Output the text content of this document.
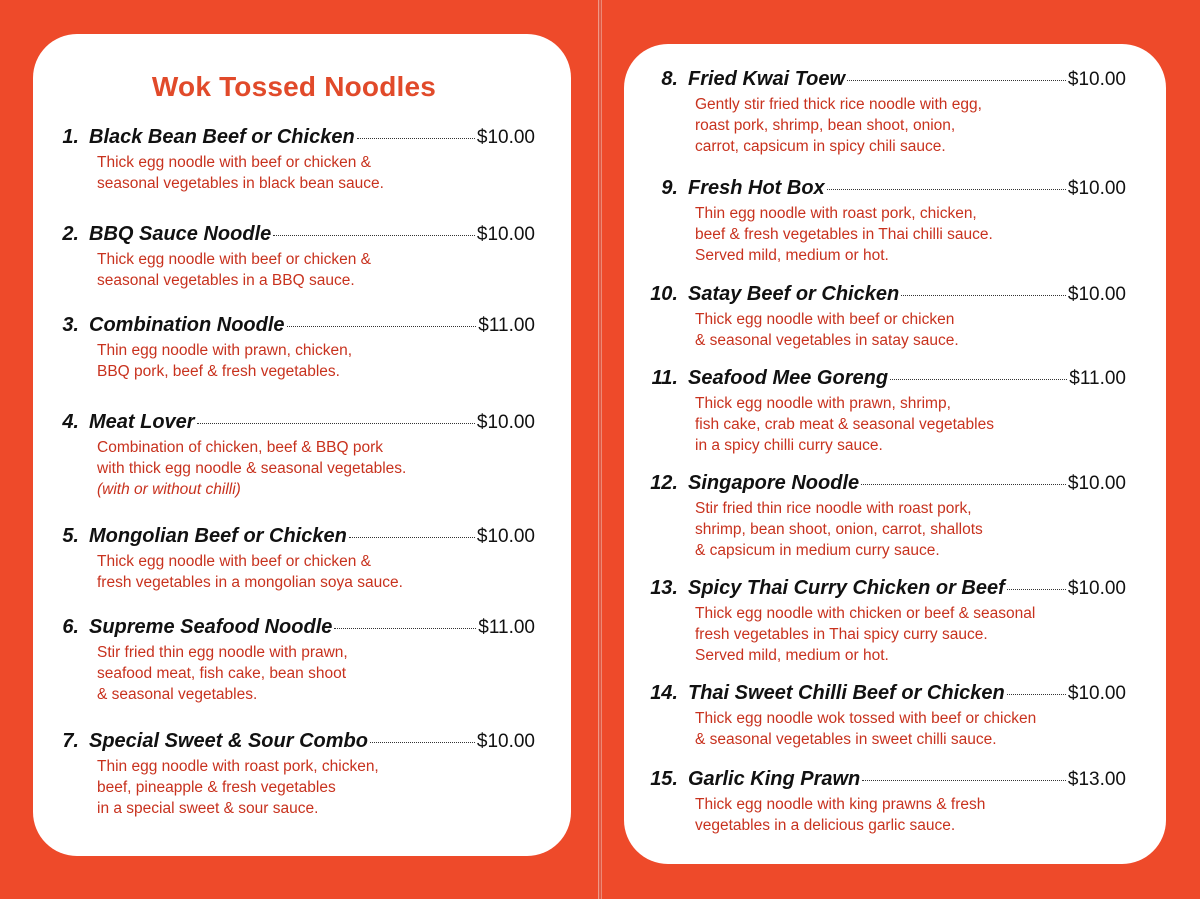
Wok Tossed Noodles
1. Black Bean Beef or Chicken	$10.00
Thick egg noodle with beef or chicken &
seasonal vegetables in black bean sauce.
2. BBQ Sauce Noodle	$10.00
Thick egg noodle with beef or chicken &
seasonal vegetables in a BBQ sauce.
3. Combination Noodle	$11.00
Thin egg noodle with prawn, chicken,
BBQ pork, beef & fresh vegetables.
4. Meat Lover	$10.00
Combination of chicken, beef & BBQ pork
with thick egg noodle & seasonal vegetables.
(with or without chilli)
5. Mongolian Beef or Chicken	$10.00
Thick egg noodle with beef or chicken &
fresh vegetables in a mongolian soya sauce.
6. Supreme Seafood Noodle	$11.00
Stir fried thin egg noodle with prawn,
seafood meat, fish cake, bean shoot
& seasonal vegetables.
7. Special Sweet & Sour Combo	$10.00
Thin egg noodle with roast pork, chicken,
beef, pineapple & fresh vegetables
in a special sweet & sour sauce.
8. Fried Kwai Toew	$10.00
Gently stir fried thick rice noodle with egg,
roast pork, shrimp, bean shoot, onion,
carrot, capsicum in spicy chili sauce.
9. Fresh Hot Box	$10.00
Thin egg noodle with roast pork, chicken,
beef & fresh vegetables in Thai chilli sauce.
Served mild, medium or hot.
10. Satay Beef or Chicken	$10.00
Thick egg noodle with beef or chicken
& seasonal vegetables in satay sauce.
11. Seafood Mee Goreng	$11.00
Thick egg noodle with prawn, shrimp,
fish cake, crab meat & seasonal vegetables
in a spicy chilli curry sauce.
12. Singapore Noodle	$10.00
Stir fried thin rice noodle with roast pork,
shrimp, bean shoot, onion, carrot, shallots
& capsicum in medium curry sauce.
13. Spicy Thai Curry Chicken or Beef	$10.00
Thick egg noodle with chicken or beef & seasonal
fresh vegetables in Thai spicy curry sauce.
Served mild, medium or hot.
14. Thai Sweet Chilli Beef or Chicken	$10.00
Thick egg noodle wok tossed with beef or chicken
& seasonal vegetables in sweet chilli sauce.
15. Garlic King Prawn	$13.00
Thick egg noodle with king prawns & fresh
vegetables in a delicious garlic sauce.
